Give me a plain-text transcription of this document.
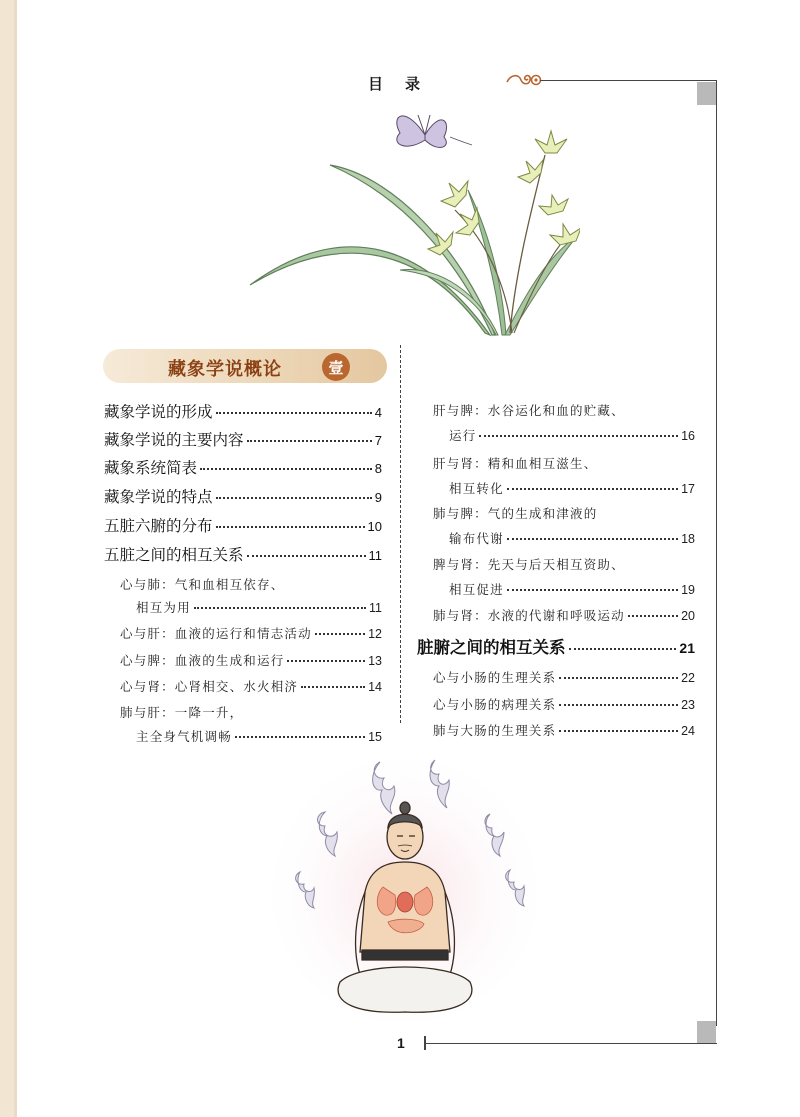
目录
1
藏象学说概论	壹
藏象学说的形成	4
藏象学说的主要内容	7
藏象系统简表	8
藏象学说的特点	9
五脏六腑的分布	10
五脏之间的相互关系	11
心与肺：气和血相互依存、
相互为用	11
心与肝：血液的运行和情志活动	12
心与脾：血液的生成和运行	13
心与肾：心肾相交、水火相济	14
肺与肝：一降一升，
主全身气机调畅	15
肝与脾：水谷运化和血的贮藏、
运行	16
肝与肾：精和血相互滋生、
相互转化	17
肺与脾：气的生成和津液的
输布代谢	18
脾与肾：先天与后天相互资助、
相互促进	19
肺与肾：水液的代谢和呼吸运动	20
脏腑之间的相互关系	21
心与小肠的生理关系	22
心与小肠的病理关系	23
肺与大肠的生理关系	24
